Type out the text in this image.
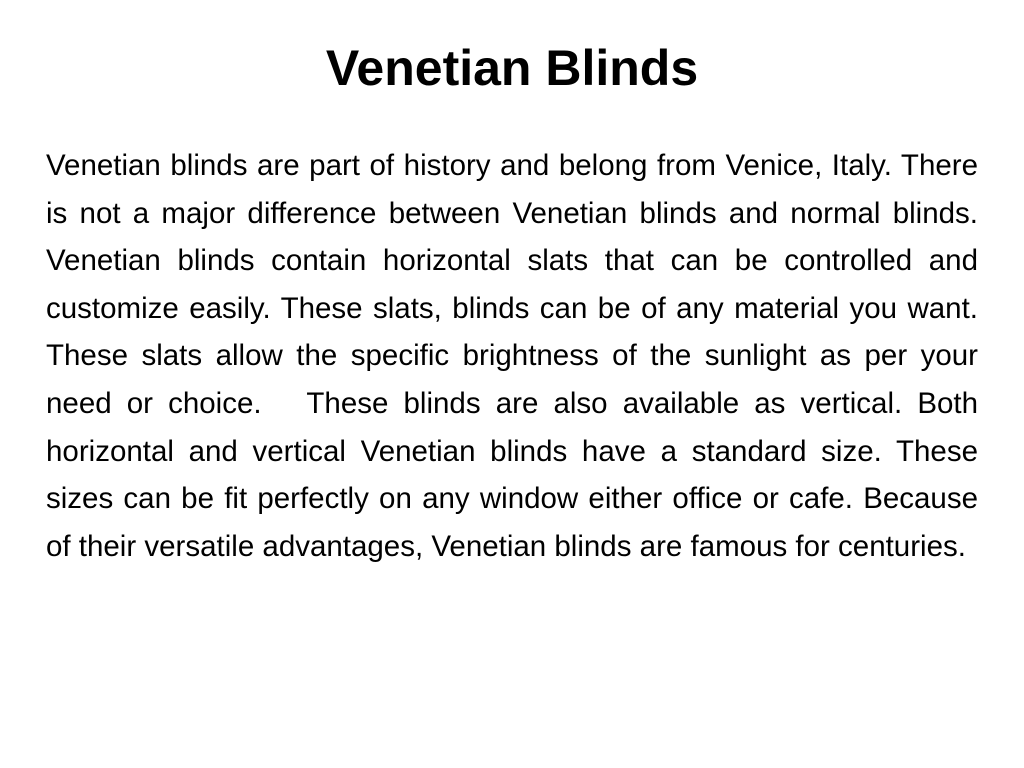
Venetian Blinds

Venetian blinds are part of history and belong from Venice, Italy. There is not a major difference between Venetian blinds and normal blinds. Venetian blinds contain horizontal slats that can be controlled and customize easily. These slats, blinds can be of any material you want. These slats allow the specific brightness of the sunlight as per your need or choice.   These blinds are also available as vertical. Both horizontal and vertical Venetian blinds have a standard size. These sizes can be fit perfectly on any window either office or cafe. Because of their versatile advantages, Venetian blinds are famous for centuries.
